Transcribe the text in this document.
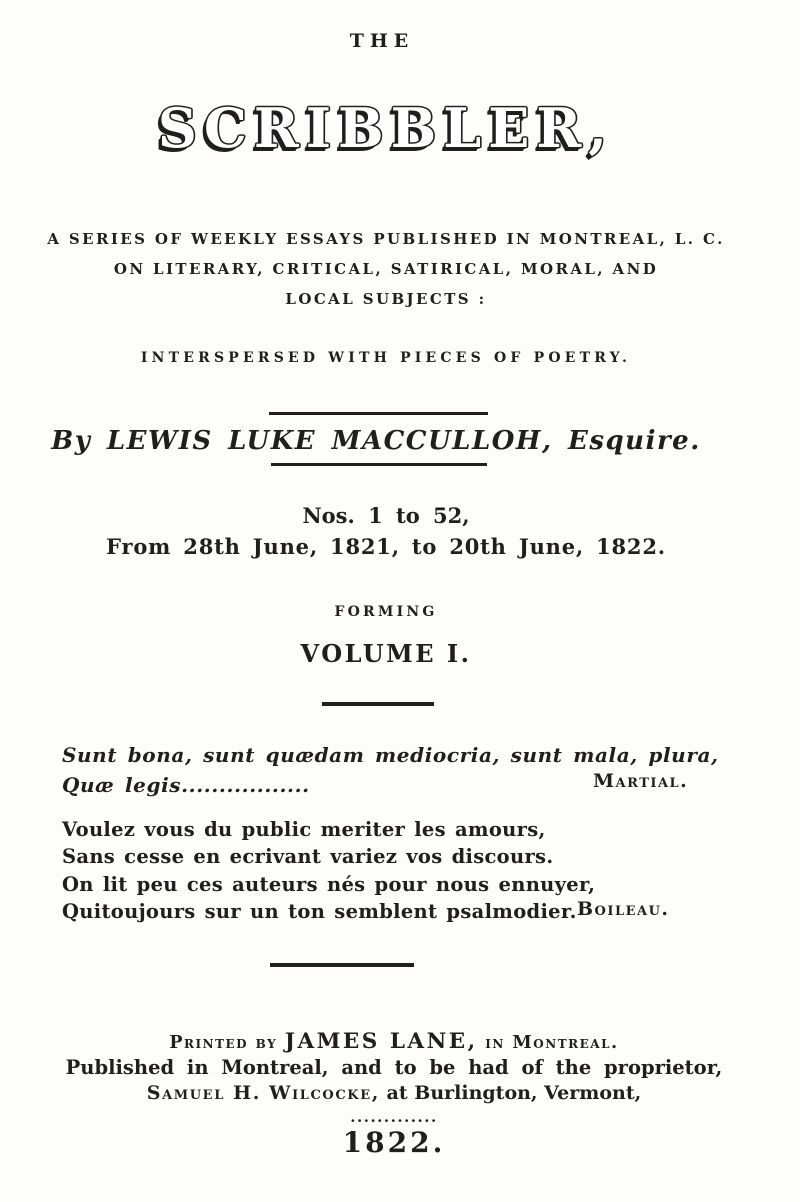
THE
SCRIBBLER,
A SERIES OF WEEKLY ESSAYS PUBLISHED IN MONTREAL, L. C.
ON LITERARY, CRITICAL, SATIRICAL, MORAL, AND
LOCAL SUBJECTS :
INTERSPERSED WITH PIECES OF POETRY.
By LEWIS LUKE MACCULLOH, Esquire.
Nos. 1 to 52,
From 28th June, 1821, to 20th June, 1822.
FORMING
VOLUME I.
Sunt bona, sunt quædam mediocria, sunt mala, plura,
Quæ legis.................	Martial.
Voulez vous du public meriter les amours,
Sans cesse en ecrivant variez vos discours.
On lit peu ces auteurs nés pour nous ennuyer,
Quitoujours sur un ton semblent psalmodier. Boileau.
Printed by JAMES LANE, in Montreal.
Published in Montreal, and to be had of the proprietor,
Samuel H. Wilcocke, at Burlington, Vermont,
.............
1822.
